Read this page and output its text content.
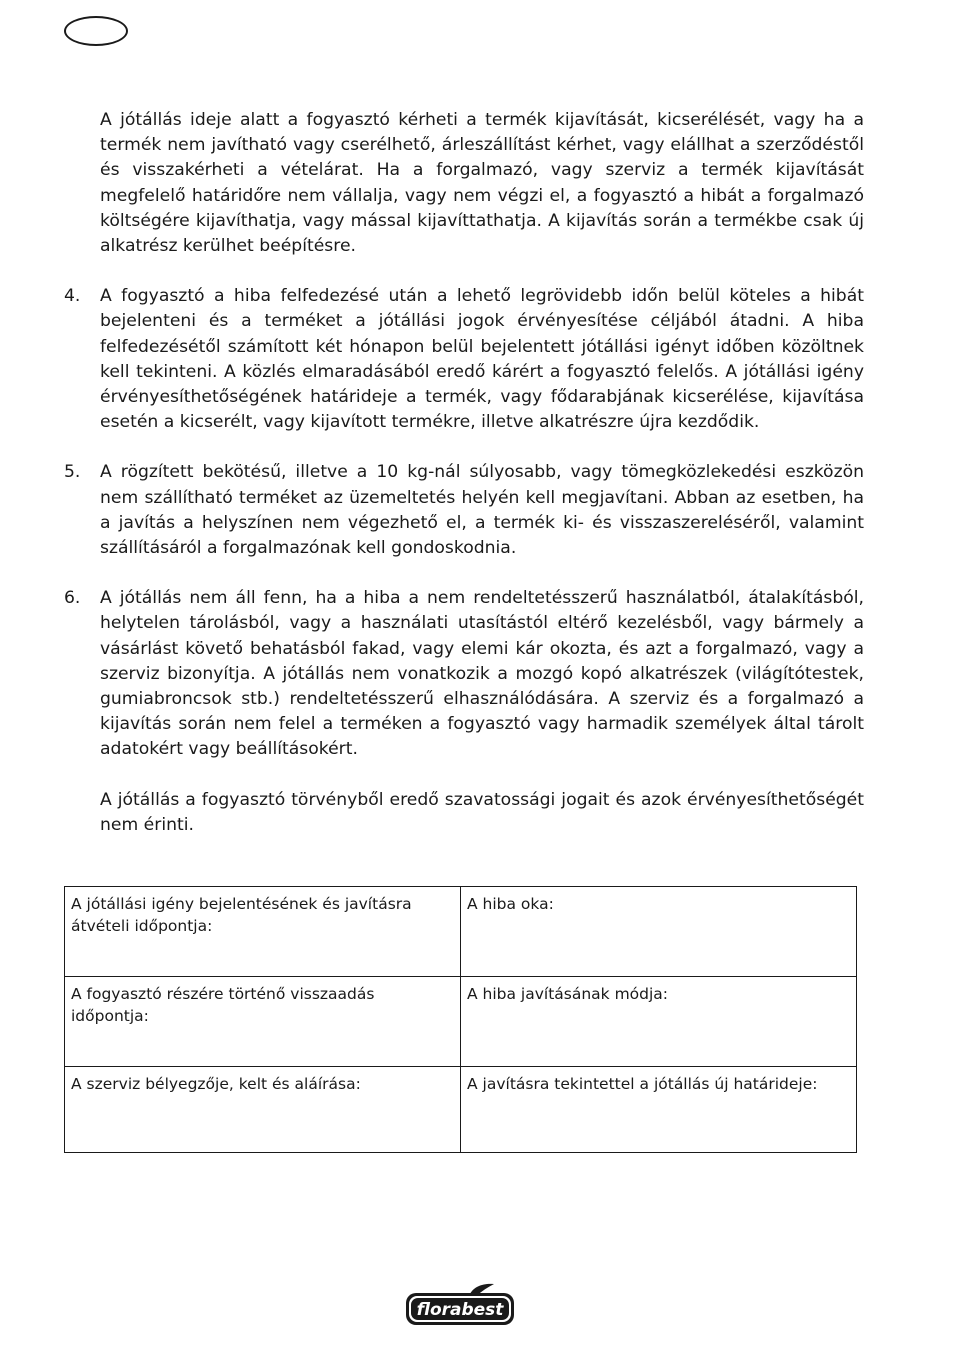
A jótállás ideje alatt a fogyasztó kérheti a termék kijavítását, kicserélését, vagy ha a termék nem javítható vagy cserélhető, árleszállítást kérhet, vagy elállhat a szerződéstől és visszakérheti a vételárat. Ha a forgalmazó, vagy szerviz a termék kijavítását megfelelő határidőre nem vállalja, vagy nem végzi el, a fogyasztó a hibát a forgalmazó költségére kijavíthatja, vagy mással kijavíttathatja. A kijavítás során a termékbe csak új alkatrész kerülhet beépítésre.
4.	A fogyasztó a hiba felfedezésé után a lehető legrövidebb időn belül köteles a hibát bejelenteni és a terméket a jótállási jogok érvényesítése céljából átadni. A hiba felfedezésétől számított két hónapon belül bejelentett jótállási igényt időben közöltnek kell tekinteni. A közlés elmaradásából eredő kárért a fogyasztó felelős. A jótállási igény érvényesíthetőségének határideje a termék, vagy fődarabjának kicserélése, kijavítása esetén a kicserélt, vagy kijavított termékre, illetve alkatrészre újra kezdődik.
5.	A rögzített bekötésű, illetve a 10 kg-nál súlyosabb, vagy tömegközlekedési eszközön nem szállítható terméket az üzemeltetés helyén kell megjavítani. Abban az esetben, ha a javítás a helyszínen nem végezhető el, a termék ki- és visszaszereléséről, valamint szállításáról a forgalmazónak kell gondoskodnia.
6.	A jótállás nem áll fenn, ha a hiba a nem rendeltetésszerű használatból, átalakításból, helytelen tárolásból, vagy a használati utasítástól eltérő kezelésből, vagy bármely a vásárlást követő behatásból fakad, vagy elemi kár okozta, és azt a forgalmazó, vagy a szerviz bizonyítja. A jótállás nem vonatkozik a mozgó kopó alkatrészek (világítótestek, gumiabroncsok stb.) rendeltetésszerű elhasználódására. A szerviz és a forgalmazó a kijavítás során nem felel a terméken a fogyasztó vagy harmadik személyek által tárolt adatokért vagy beállításokért.
A jótállás a fogyasztó törvényből eredő szavatossági jogait és azok érvényesíthetőségét nem érinti.
A jótállási igény bejelentésének és javításra átvételi időpontja:	A hiba oka:
A fogyasztó részére történő visszaadás időpontja:	A hiba javításának módja:
A szerviz bélyegzője, kelt és aláírása:	A javításra tekintettel a jótállás új határideje:
florabest
